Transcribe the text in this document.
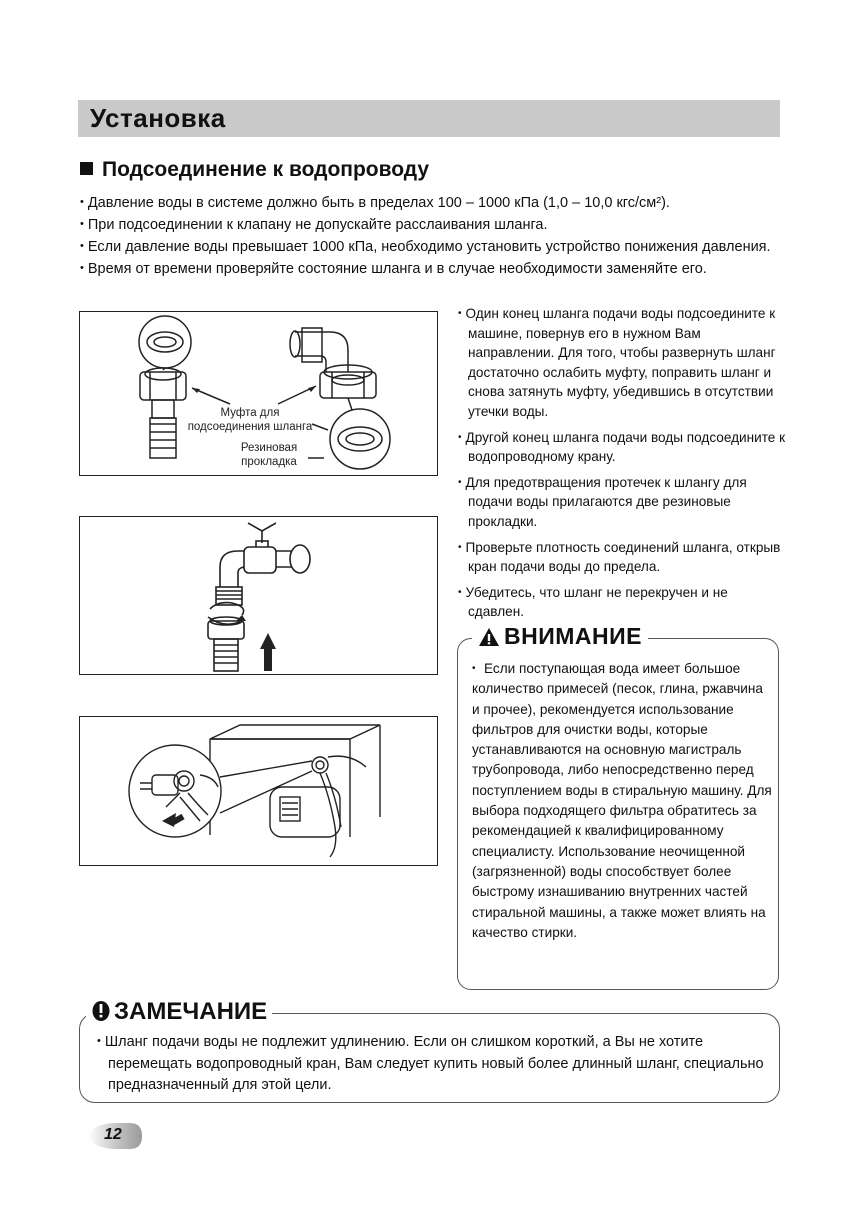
Установка
Подсоединение к водопроводу
• Давление воды в системе должно быть в пределах 100 – 1000 кПа (1,0 – 10,0 кгс/см²).
• При подсоединении к клапану не допускайте расслаивания шланга.
• Если давление воды превышает 1000 кПа, необходимо установить устройство понижения давления.
• Время от времени проверяйте состояние шланга и в случае необходимости заменяйте его.
Муфта для подсоединения шланга
Резиновая прокладка
• Один конец шланга подачи воды подсоедините к машине, повернув его в нужном Вам направлении. Для того, чтобы развернуть шланг достаточно ослабить муфту, поправить шланг и снова затянуть муфту, убедившись в отсутствии утечки воды.
• Другой конец шланга подачи воды подсоедините к водопроводному крану.
• Для предотвращения протечек к шлангу для подачи воды прилагаются две резиновые прокладки.
• Проверьте плотность соединений шланга, открыв кран подачи воды до предела.
• Убедитесь, что шланг не перекручен и не сдавлен.
ВНИМАНИЕ
• Если поступающая вода имеет большое количество примесей (песок, глина, ржавчина и прочее), рекомендуется использование фильтров для очистки воды, которые устанавливаются на основную магистраль трубопровода, либо непосредственно перед поступлением воды в стиральную машину. Для выбора подходящего фильтра обратитесь за рекомендацией к квалифицированному специалисту. Использование неочищенной (загрязненной) воды способствует более быстрому изнашиванию внутренних частей стиральной машины, а также может влиять на качество стирки.
ЗАМЕЧАНИЕ
• Шланг подачи воды не подлежит удлинению. Если он слишком короткий, а Вы не хотите перемещать водопроводный кран, Вам следует купить новый более длинный шланг, специально предназначенный для этой цели.
12
